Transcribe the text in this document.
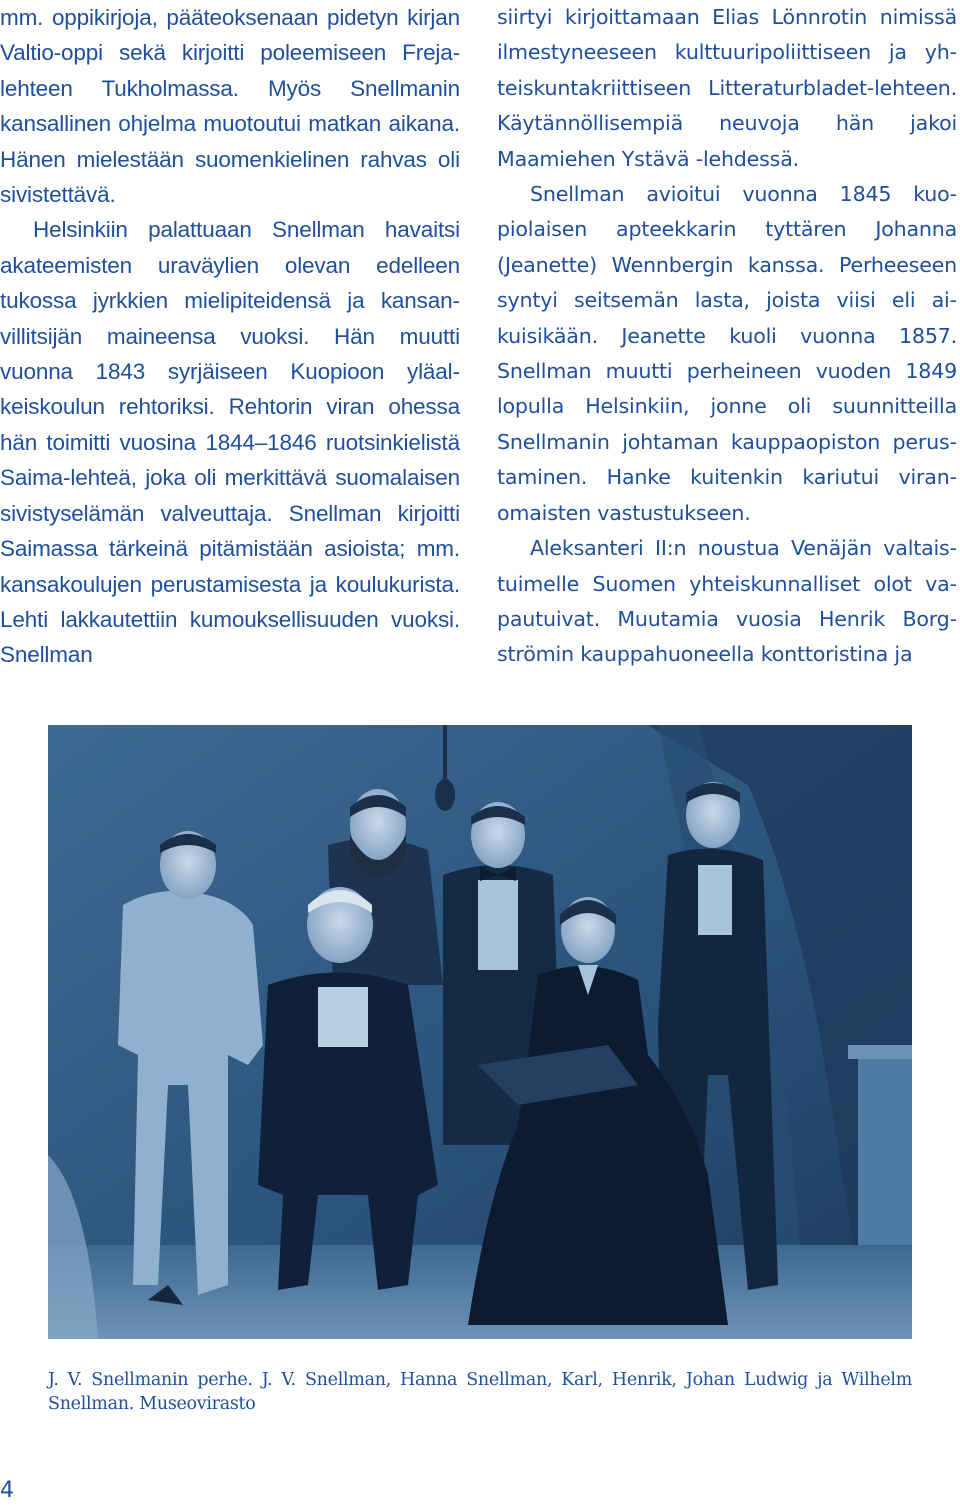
mm. oppikirjoja, pääteoksenaan pidetyn kirjan Valtio-oppi sekä kirjoitti poleemiseen Freja-lehteen Tukholmassa. Myös Snellmanin kansallinen ohjelma muotoutui matkan aikana. Hänen mielestään suomenkielinen rahvas oli sivistettävä.

Helsinkiin palattuaan Snellman havaitsi akateemisten uraväylien olevan edelleen tukossa jyrkkien mielipiteidensä ja kansanvillitsijän maineensa vuoksi. Hän muutti vuonna 1843 syrjäiseen Kuopioon yläalkeiskoulun rehtoriksi. Rehtorin viran ohessa hän toimitti vuosina 1844–1846 ruotsinkielistä Saima-lehteä, joka oli merkittävä suomalaisen sivistyselämän valveuttaja. Snellman kirjoitti Saimassa tärkeinä pitämistään asioista; mm. kansakoulujen perustamisesta ja koulukurista. Lehti lakkautettiin kumouksellisuuden vuoksi. Snellman

siirtyi kirjoittamaan Elias Lönnrotin nimissä ilmestyneeseen kulttuuripoliittiseen ja yhteiskuntakriittiseen Litteraturbladet-lehteen. Käytännöllisempiä neuvoja hän jakoi Maamiehen Ystävä -lehdessä.

Snellman avioitui vuonna 1845 kuopiolaisen apteekkarin tyttären Johanna (Jeanette) Wennbergin kanssa. Perheeseen syntyi seitsemän lasta, joista viisi eli aikuisikään. Jeanette kuoli vuonna 1857. Snellman muutti perheineen vuoden 1849 lopulla Helsinkiin, jonne oli suunnitteilla Snellmanin johtaman kauppaopiston perustaminen. Hanke kuitenkin kariutui viranomaisten vastustukseen.

Aleksanteri II:n noustua Venäjän valtaistuimelle Suomen yhteiskunnalliset olot vapautuivat. Muutamia vuosia Henrik Borgströmin kauppahuoneella konttoristina ja

J. V. Snellmanin perhe. J. V. Snellman, Hanna Snellman, Karl, Henrik, Johan Ludwig ja Wilhelm Snellman. Museovirasto
4
